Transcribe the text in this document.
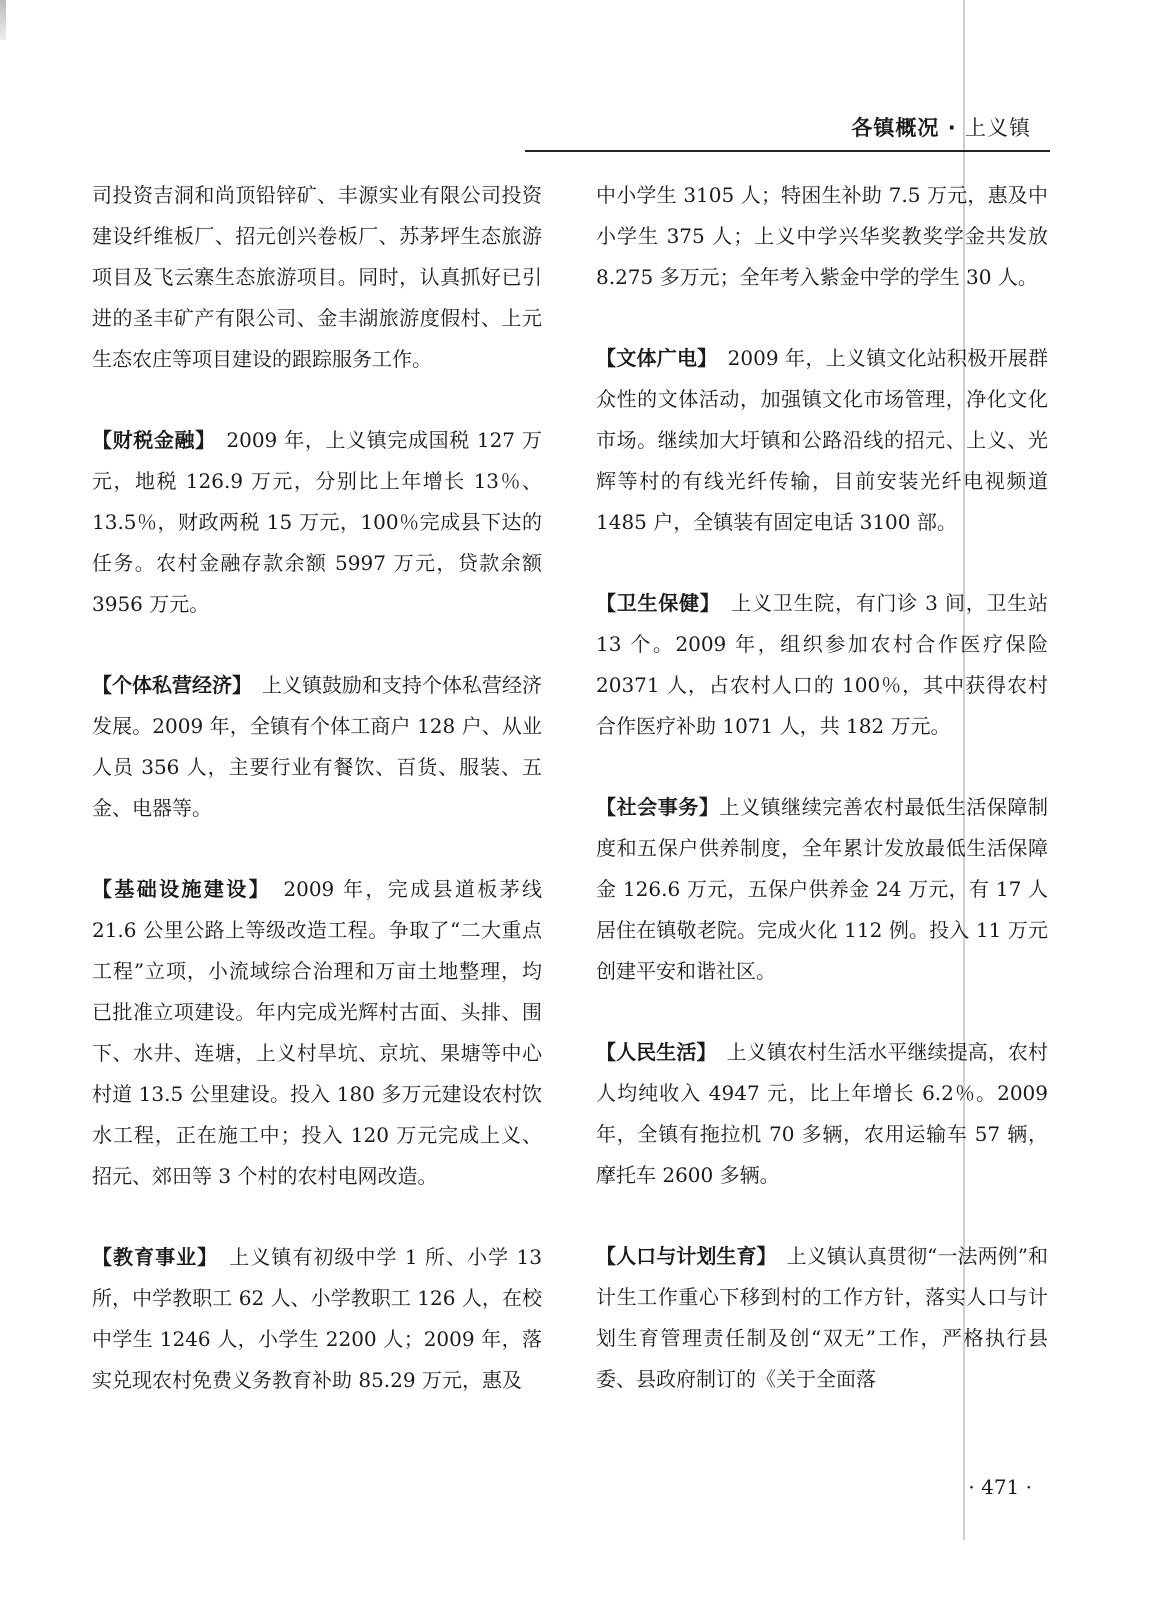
各镇概况 · 上义镇

司投资吉洞和尚顶铅锌矿、丰源实业有限公司投资建设纤维板厂、招元创兴卷板厂、苏茅坪生态旅游项目及飞云寨生态旅游项目。同时，认真抓好已引进的圣丰矿产有限公司、金丰湖旅游度假村、上元生态农庄等项目建设的跟踪服务工作。

【财税金融】　2009 年，上义镇完成国税 127 万元，地税 126.9 万元，分别比上年增长 13％、13.5％，财政两税 15 万元，100％完成县下达的任务。农村金融存款余额 5997 万元，贷款余额 3956 万元。

【个体私营经济】　上义镇鼓励和支持个体私营经济发展。2009 年，全镇有个体工商户 128 户、从业人员 356 人，主要行业有餐饮、百货、服装、五金、电器等。

【基础设施建设】　2009 年，完成县道板茅线 21.6 公里公路上等级改造工程。争取了“二大重点工程”立项，小流域综合治理和万亩土地整理，均已批准立项建设。年内完成光辉村古面、头排、围下、水井、连塘，上义村旱坑、京坑、果塘等中心村道 13.5 公里建设。投入 180 多万元建设农村饮水工程，正在施工中；投入 120 万元完成上义、招元、郊田等 3 个村的农村电网改造。

【教育事业】　上义镇有初级中学 1 所、小学 13 所，中学教职工 62 人、小学教职工 126 人，在校中学生 1246 人，小学生 2200 人；2009 年，落实兑现农村免费义务教育补助 85.29 万元，惠及

中小学生 3105 人；特困生补助 7.5 万元，惠及中小学生 375 人；上义中学兴华奖教奖学金共发放 8.275 多万元；全年考入紫金中学的学生 30 人。

【文体广电】　2009 年，上义镇文化站积极开展群众性的文体活动，加强镇文化市场管理，净化文化市场。继续加大圩镇和公路沿线的招元、上义、光辉等村的有线光纤传输，目前安装光纤电视频道 1485 户，全镇装有固定电话 3100 部。

【卫生保健】　上义卫生院，有门诊 3 间，卫生站 13 个。2009 年，组织参加农村合作医疗保险 20371 人，占农村人口的 100％，其中获得农村合作医疗补助 1071 人，共 182 万元。

【社会事务】上义镇继续完善农村最低生活保障制度和五保户供养制度，全年累计发放最低生活保障金 126.6 万元，五保户供养金 24 万元，有 17 人居住在镇敬老院。完成火化 112 例。投入 11 万元创建平安和谐社区。

【人民生活】　上义镇农村生活水平继续提高，农村人均纯收入 4947 元，比上年增长 6.2％。2009 年，全镇有拖拉机 70 多辆，农用运输车 57 辆，摩托车 2600 多辆。

【人口与计划生育】　上义镇认真贯彻“一法两例”和计生工作重心下移到村的工作方针，落实人口与计划生育管理责任制及创“双无”工作，严格执行县委、县政府制订的《关于全面落

· 471 ·
